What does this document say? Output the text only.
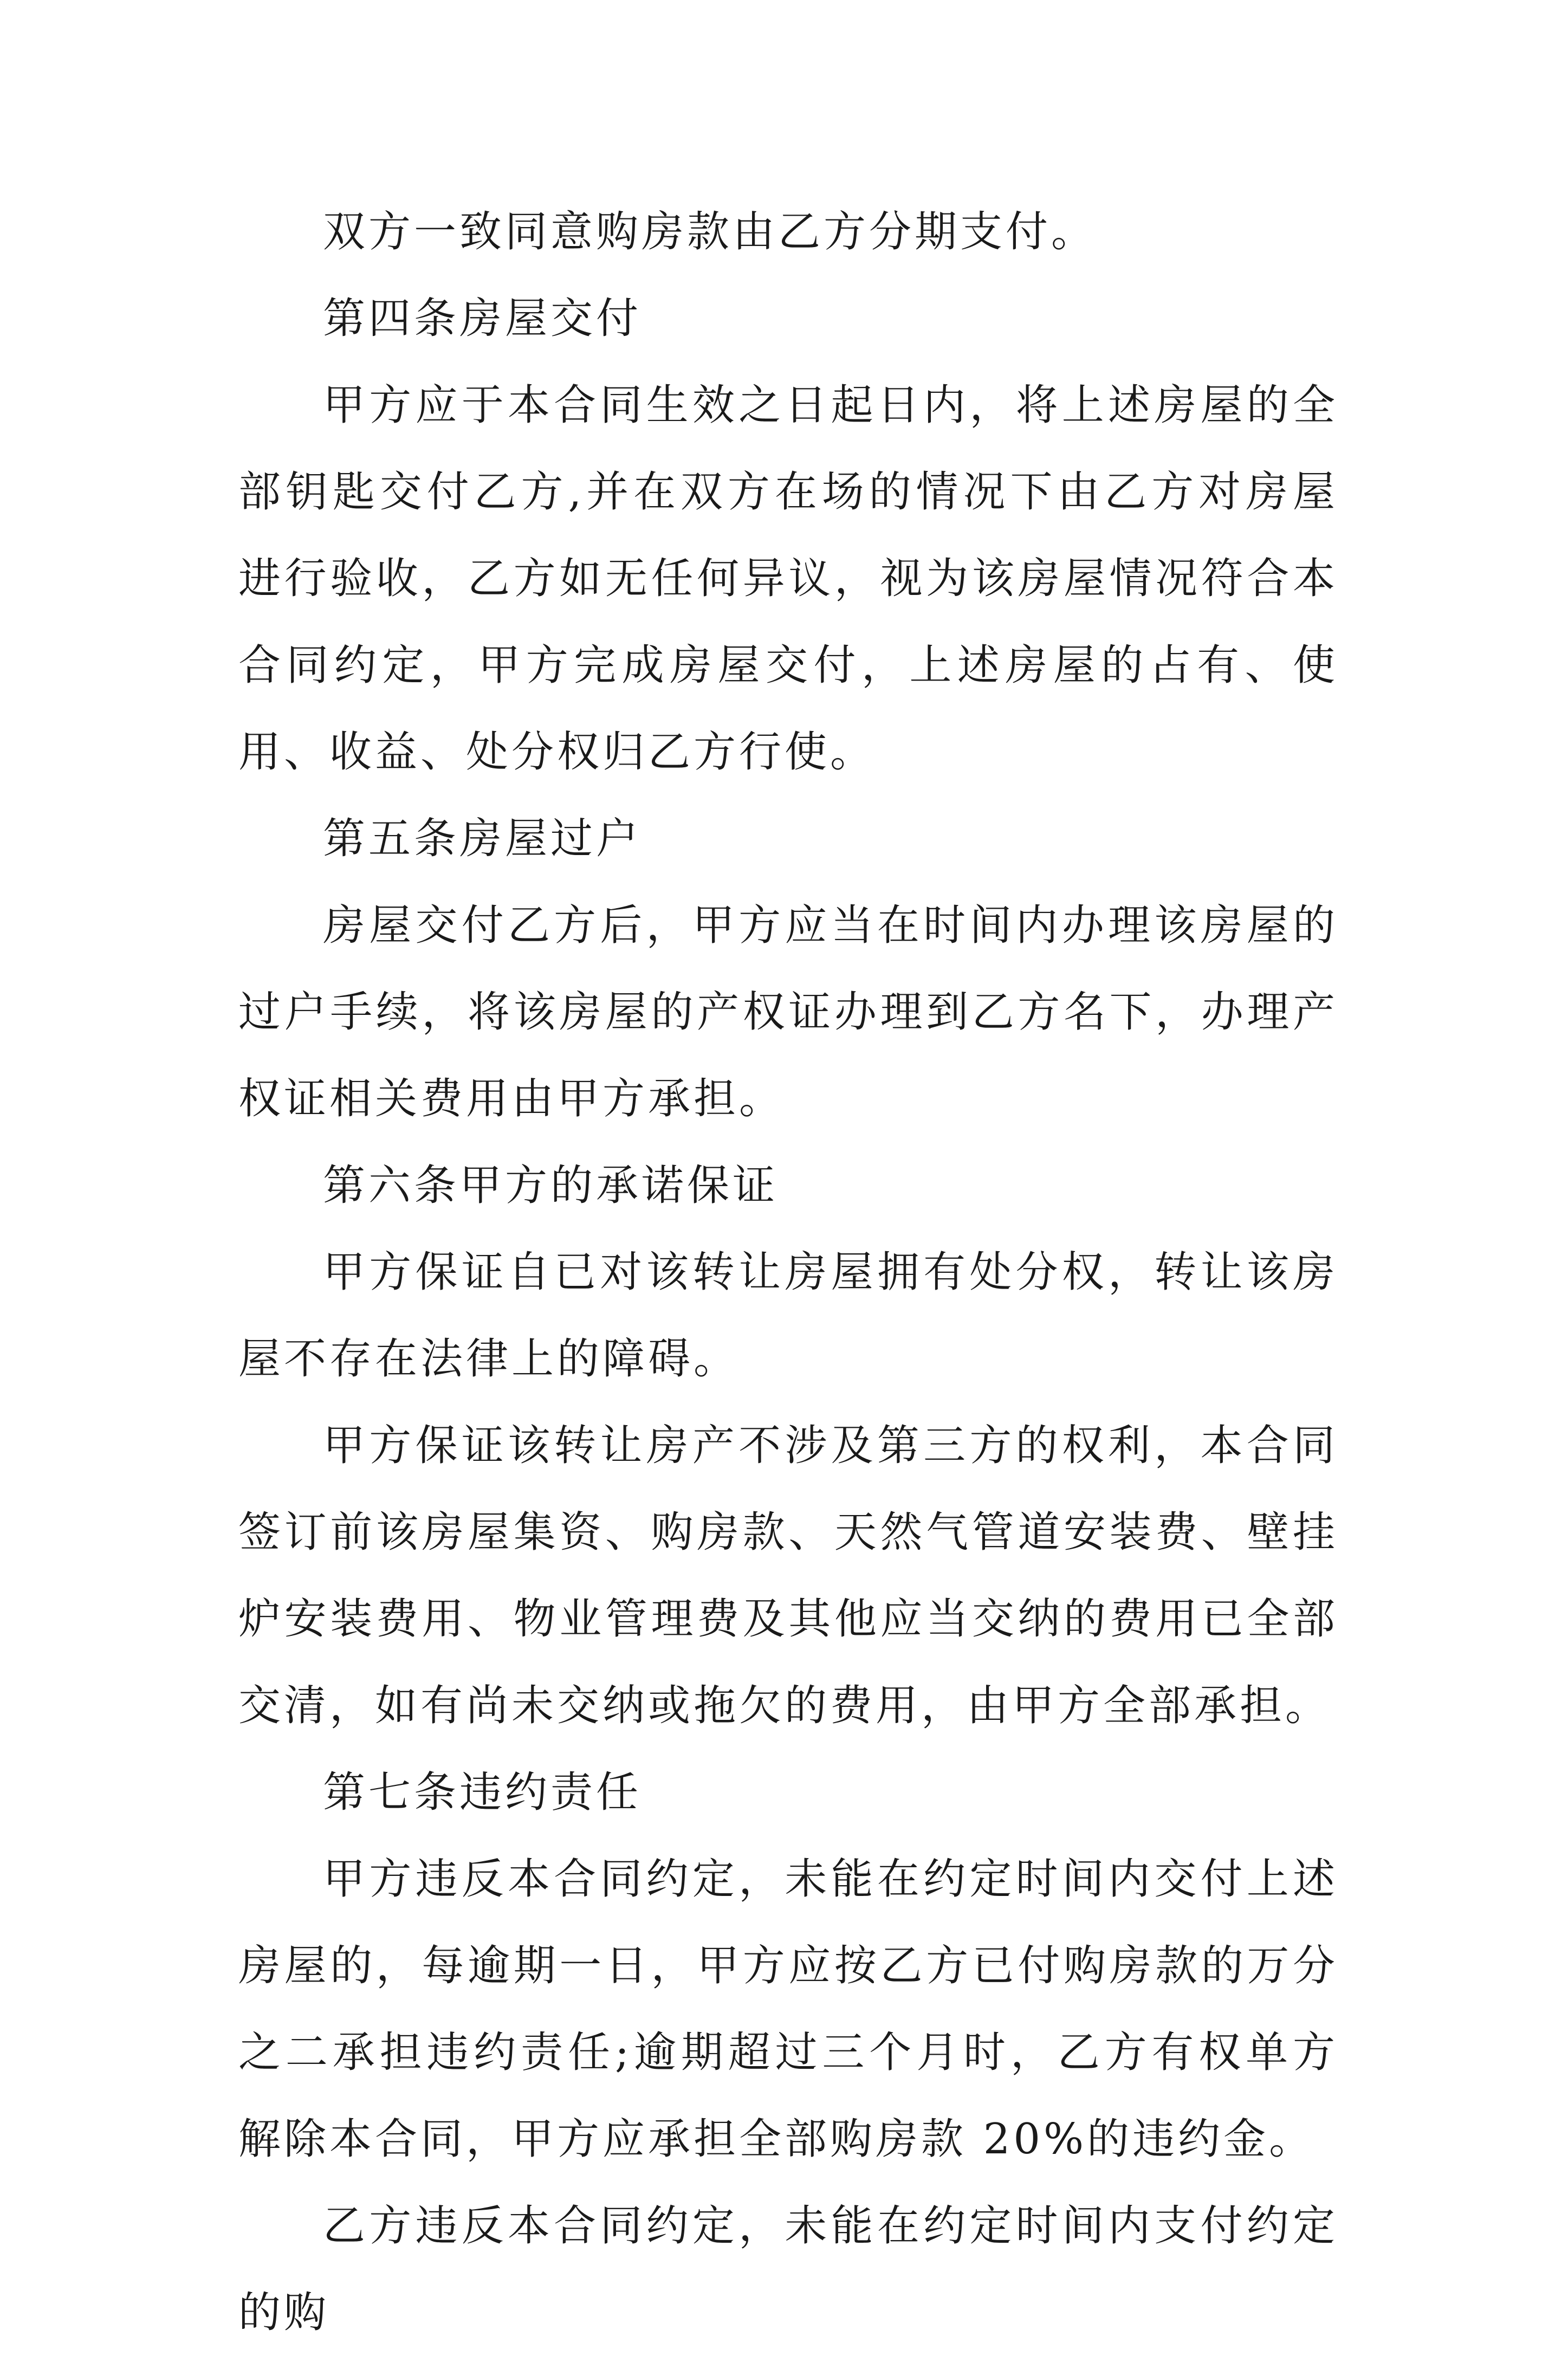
双方一致同意购房款由乙方分期支付。

第四条房屋交付

甲方应于本合同生效之日起日内，将上述房屋的全部钥匙交付乙方,并在双方在场的情况下由乙方对房屋进行验收，乙方如无任何异议，视为该房屋情况符合本合同约定，甲方完成房屋交付，上述房屋的占有、使用、收益、处分权归乙方行使。

第五条房屋过户

房屋交付乙方后，甲方应当在时间内办理该房屋的过户手续，将该房屋的产权证办理到乙方名下，办理产权证相关费用由甲方承担。

第六条甲方的承诺保证

甲方保证自已对该转让房屋拥有处分权，转让该房屋不存在法律上的障碍。

甲方保证该转让房产不涉及第三方的权利，本合同签订前该房屋集资、购房款、天然气管道安装费、壁挂炉安装费用、物业管理费及其他应当交纳的费用已全部交清，如有尚未交纳或拖欠的费用，由甲方全部承担。

第七条违约责任

甲方违反本合同约定，未能在约定时间内交付上述房屋的，每逾期一日，甲方应按乙方已付购房款的万分之二承担违约责任;逾期超过三个月时，乙方有权单方解除本合同，甲方应承担全部购房款 20%的违约金。

乙方违反本合同约定，未能在约定时间内支付约定的购
